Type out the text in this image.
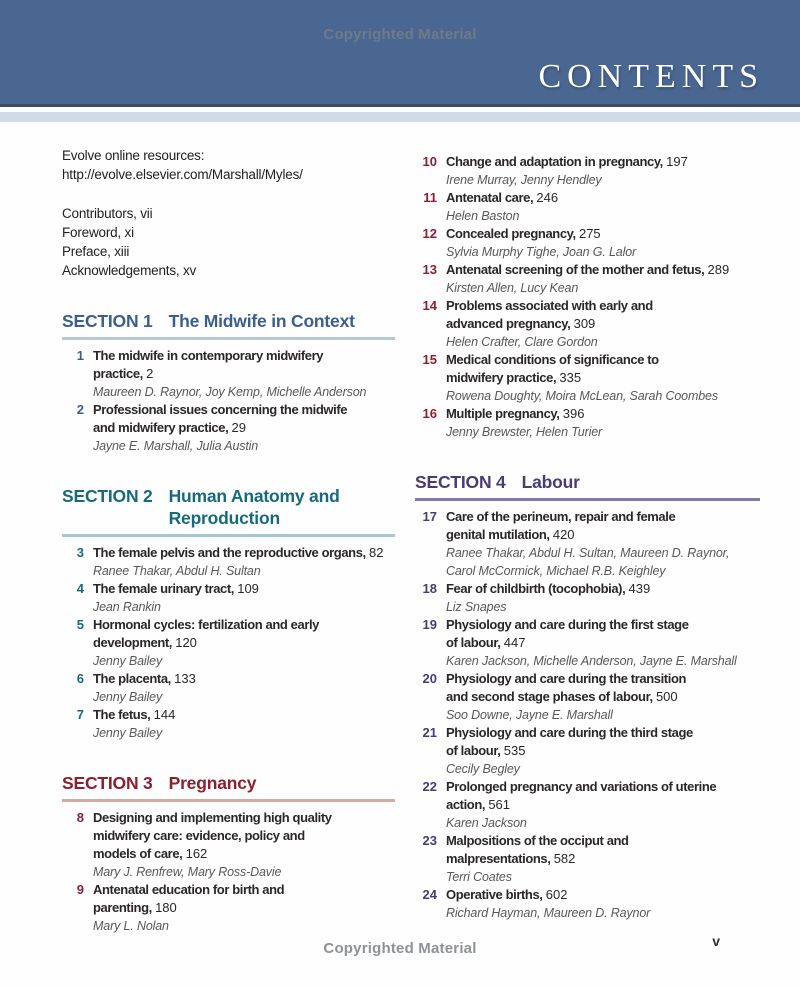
Copyrighted Material
CONTENTS
Evolve online resources:
http://evolve.elsevier.com/Marshall/Myles/
Contributors, vii
Foreword, xi
Preface, xiii
Acknowledgements, xv
SECTION 1 The Midwife in Context
1 The midwife in contemporary midwifery
practice, 2
Maureen D. Raynor, Joy Kemp, Michelle Anderson
2 Professional issues concerning the midwife
and midwifery practice, 29
Jayne E. Marshall, Julia Austin
SECTION 2 Human Anatomy and
Reproduction
3 The female pelvis and the reproductive organs, 82
Ranee Thakar, Abdul H. Sultan
4 The female urinary tract, 109
Jean Rankin
5 Hormonal cycles: fertilization and early
development, 120
Jenny Bailey
6 The placenta, 133
Jenny Bailey
7 The fetus, 144
Jenny Bailey
SECTION 3 Pregnancy
8 Designing and implementing high quality
midwifery care: evidence, policy and
models of care, 162
Mary J. Renfrew, Mary Ross-Davie
9 Antenatal education for birth and
parenting, 180
Mary L. Nolan
10 Change and adaptation in pregnancy, 197
Irene Murray, Jenny Hendley
11 Antenatal care, 246
Helen Baston
12 Concealed pregnancy, 275
Sylvia Murphy Tighe, Joan G. Lalor
13 Antenatal screening of the mother and fetus, 289
Kirsten Allen, Lucy Kean
14 Problems associated with early and
advanced pregnancy, 309
Helen Crafter, Clare Gordon
15 Medical conditions of significance to
midwifery practice, 335
Rowena Doughty, Moira McLean, Sarah Coombes
16 Multiple pregnancy, 396
Jenny Brewster, Helen Turier
SECTION 4 Labour
17 Care of the perineum, repair and female
genital mutilation, 420
Ranee Thakar, Abdul H. Sultan, Maureen D. Raynor, Carol McCormick, Michael R.B. Keighley
18 Fear of childbirth (tocophobia), 439
Liz Snapes
19 Physiology and care during the first stage
of labour, 447
Karen Jackson, Michelle Anderson, Jayne E. Marshall
20 Physiology and care during the transition
and second stage phases of labour, 500
Soo Downe, Jayne E. Marshall
21 Physiology and care during the third stage
of labour, 535
Cecily Begley
22 Prolonged pregnancy and variations of uterine
action, 561
Karen Jackson
23 Malpositions of the occiput and
malpresentations, 582
Terri Coates
24 Operative births, 602
Richard Hayman, Maureen D. Raynor
Copyrighted Material	v
